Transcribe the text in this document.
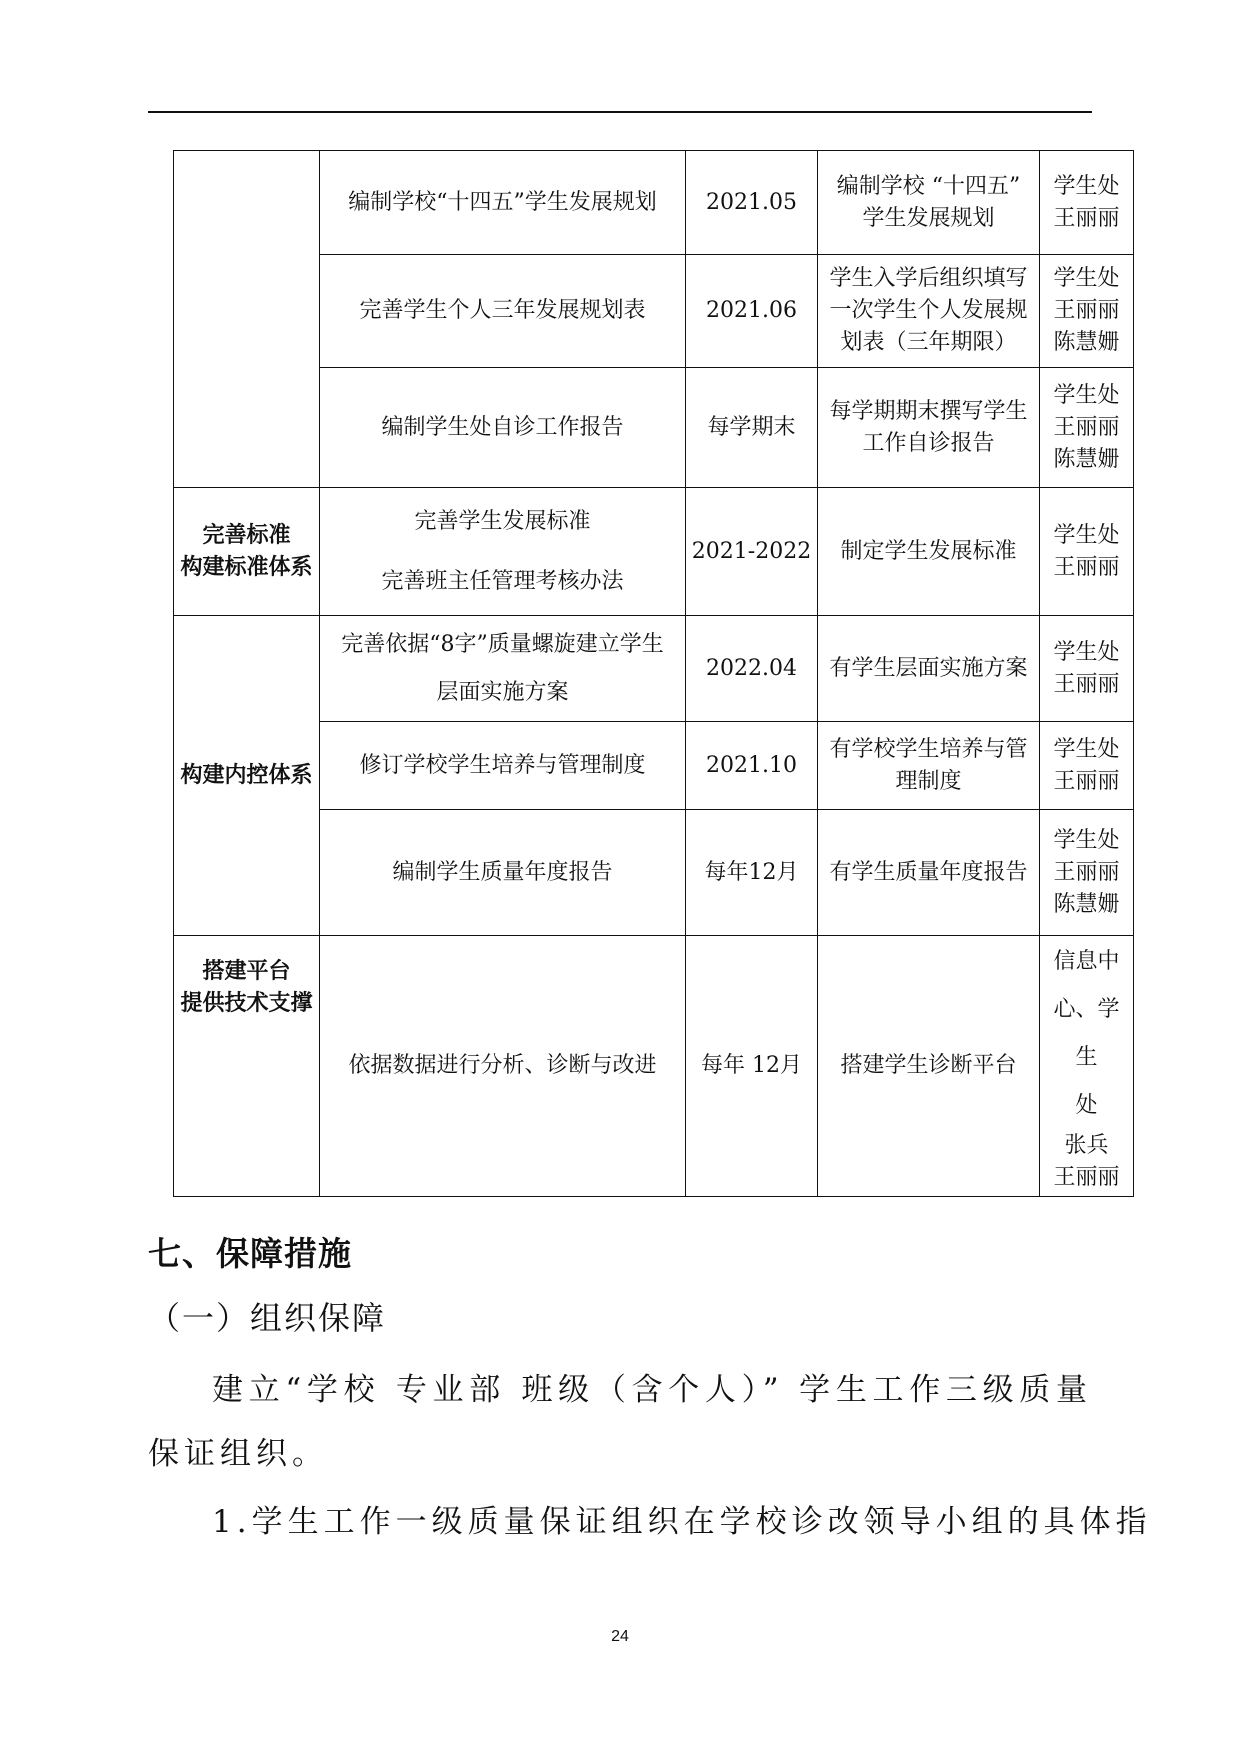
	编制学校“十四五”学生发展规划	2021.05	编制学校 “十四五”
学生发展规划	学生处
王丽丽

	完善学生个人三年发展规划表	2021.06	学生入学后组织填写
一次学生个人发展规
划表（三年期限）	学生处
王丽丽
陈慧姗

	编制学生处自诊工作报告	每学期末	每学期期末撰写学生
工作自诊报告	学生处
王丽丽
陈慧姗

完善标准
构建标准体系	完善学生发展标准
完善班主任管理考核办法	2021-2022	制定学生发展标准	学生处
王丽丽

构建内控体系	完善依据“8字”质量螺旋建立学生
层面实施方案	2022.04	有学生层面实施方案	学生处
王丽丽

	修订学校学生培养与管理制度	2021.10	有学校学生培养与管
理制度	学生处
王丽丽

	编制学生质量年度报告	每年12月	有学生质量年度报告	学生处
王丽丽
陈慧姗

搭建平台
提供技术支撑	依据数据进行分析、诊断与改进	每年 12月	搭建学生诊断平台	信息中
心、学生
处
张兵
王丽丽
七、保障措施
（一）组织保障
建立“学校 专业部 班级（含个人）” 学生工作三级质量保证组织。
1.学生工作一级质量保证组织在学校诊改领导小组的具体指
24
